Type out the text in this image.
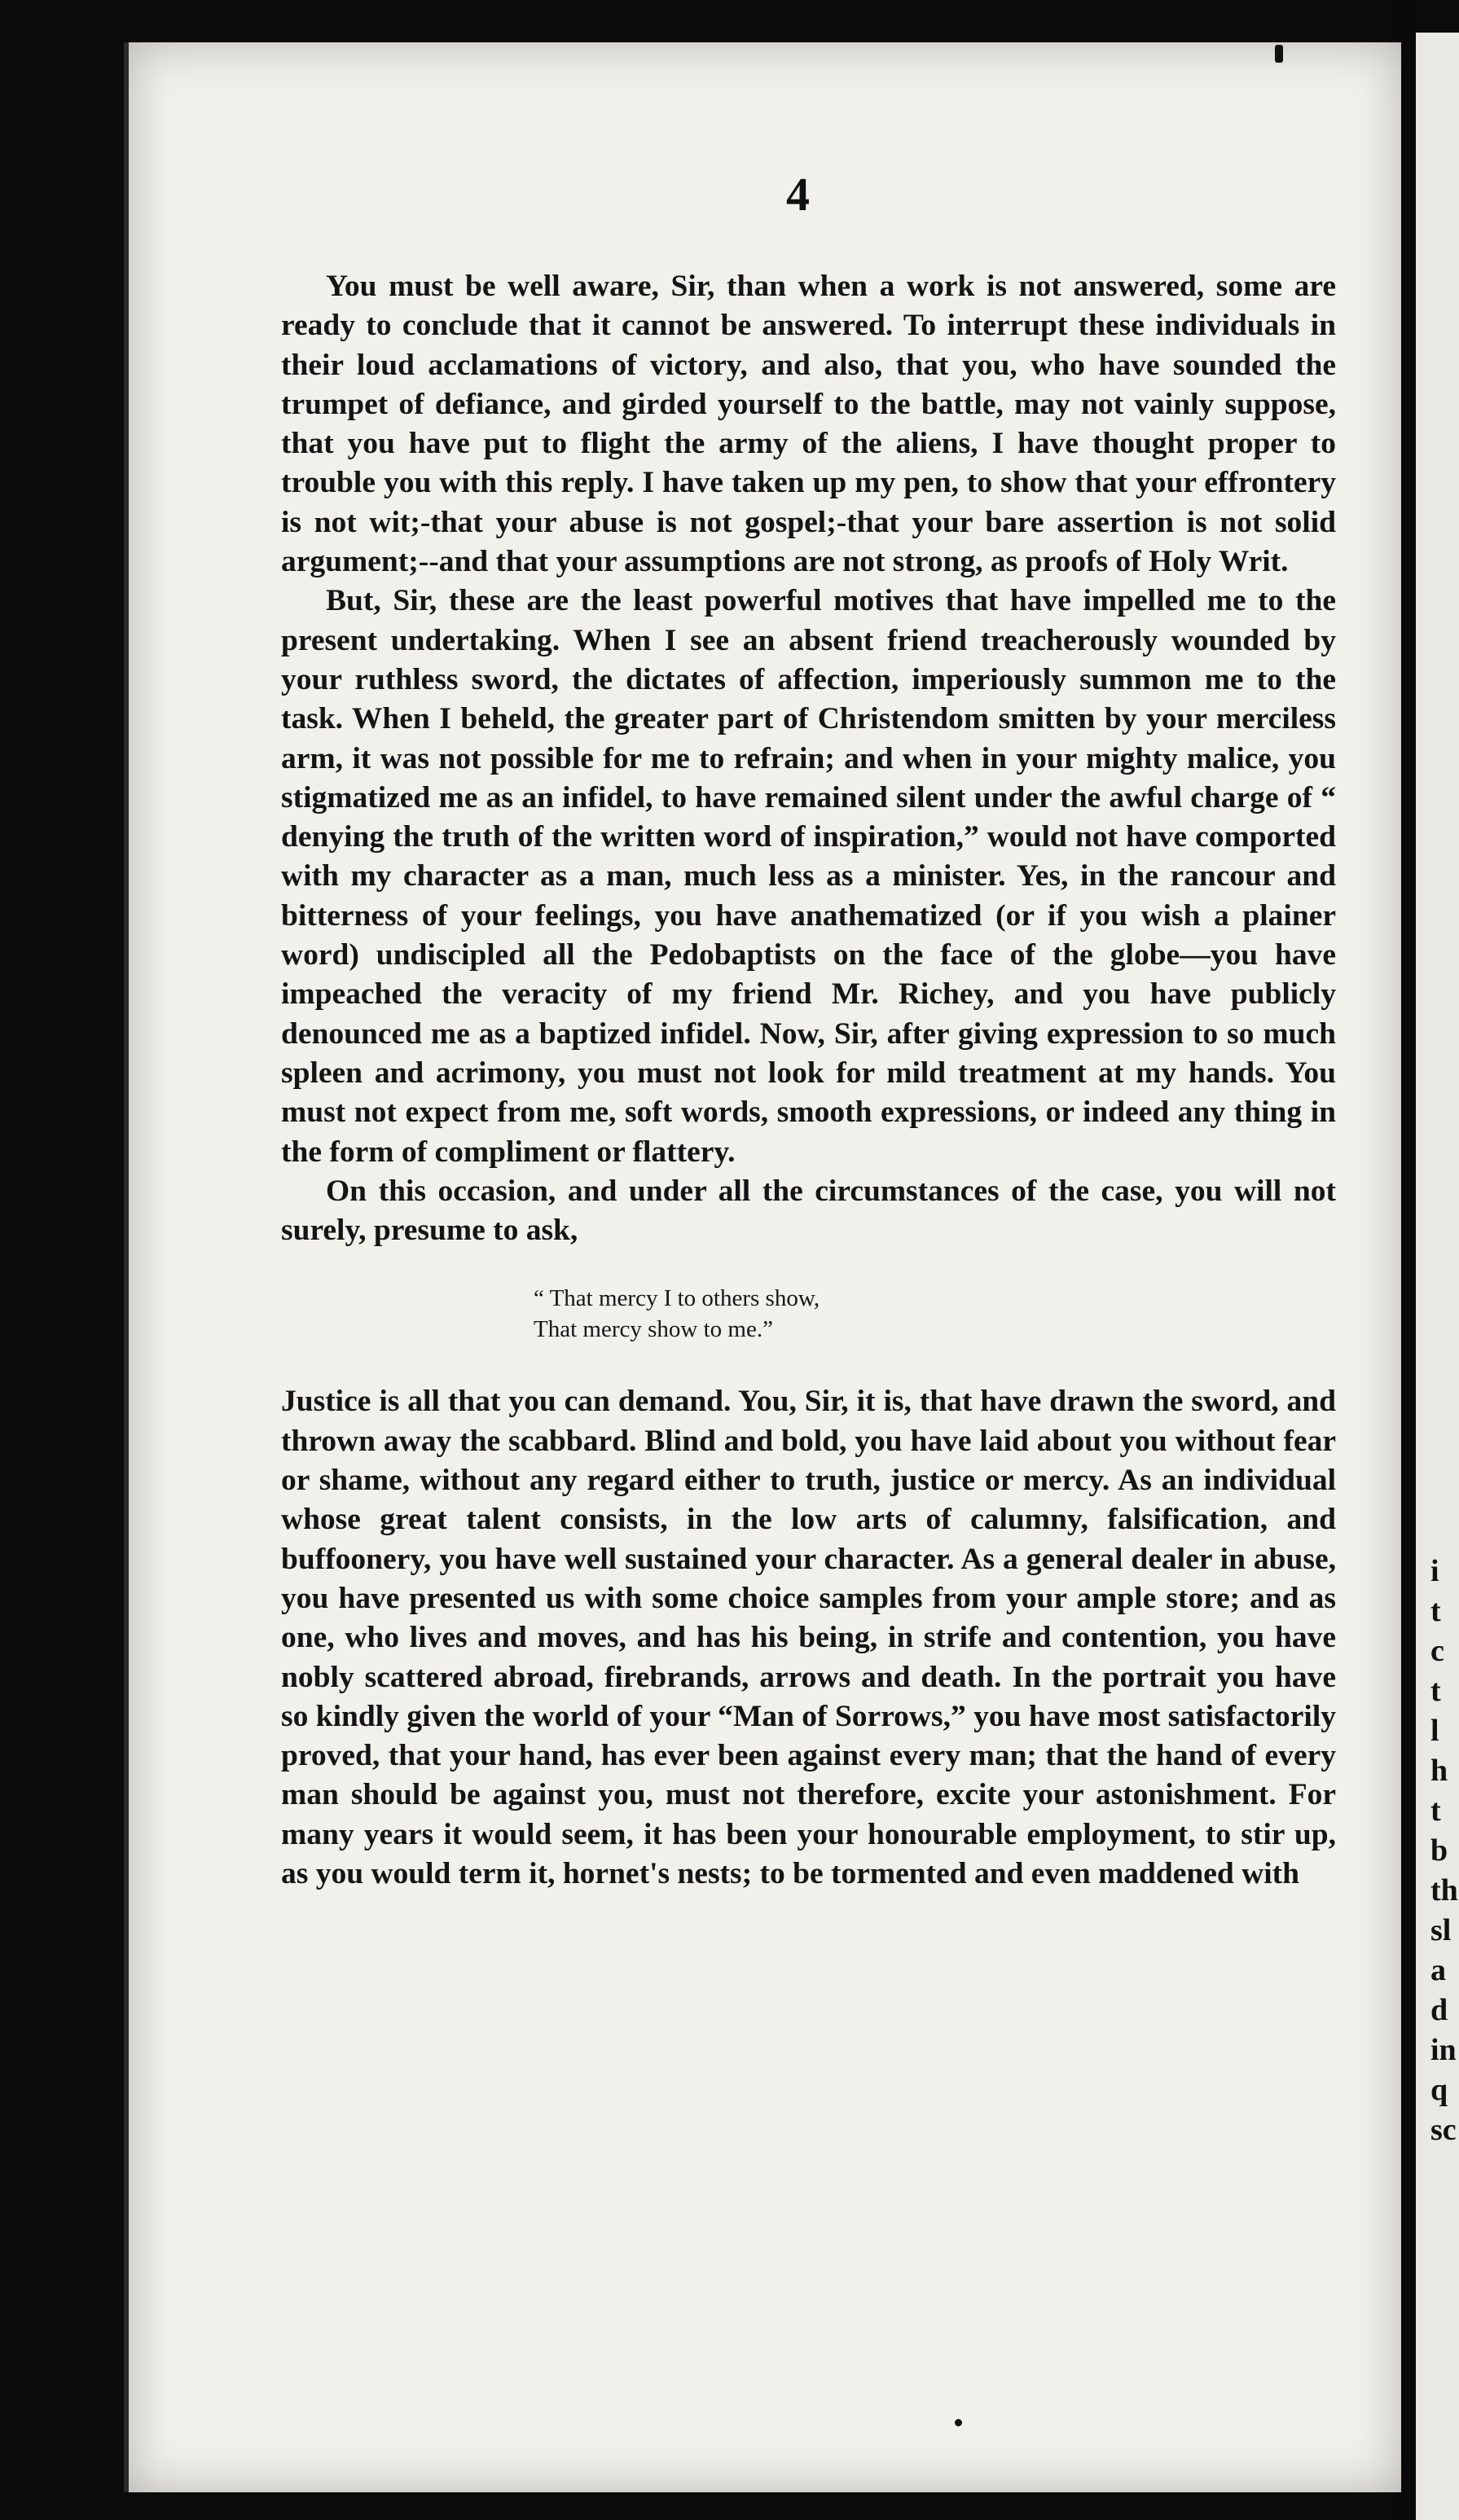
i
t
c
t
l
h
t
b
th
sl
a
d
in
q
sc
4

You must be well aware, Sir, than when a work is not answered, some are ready to conclude that it cannot be answered. To interrupt these individuals in their loud acclamations of victory, and also, that you, who have sounded the trumpet of defiance, and girded yourself to the battle, may not vainly suppose, that you have put to flight the army of the aliens, I have thought proper to trouble you with this reply. I have taken up my pen, to show that your effrontery is not wit;-that your abuse is not gospel;-that your bare assertion is not solid argument;--and that your assumptions are not strong, as proofs of Holy Writ.

But, Sir, these are the least powerful motives that have impelled me to the present undertaking. When I see an absent friend treacherously wounded by your ruthless sword, the dictates of affection, imperiously summon me to the task. When I beheld, the greater part of Christendom smitten by your merciless arm, it was not possible for me to refrain; and when in your mighty malice, you stigmatized me as an infidel, to have remained silent under the awful charge of “ denying the truth of the written word of inspiration,” would not have comported with my character as a man, much less as a minister. Yes, in the rancour and bitterness of your feelings, you have anathematized (or if you wish a plainer word) undiscipled all the Pedobaptists on the face of the globe—you have impeached the veracity of my friend Mr. Richey, and you have publicly denounced me as a baptized infidel. Now, Sir, after giving expression to so much spleen and acrimony, you must not look for mild treatment at my hands. You must not expect from me, soft words, smooth expressions, or indeed any thing in the form of compliment or flattery.

On this occasion, and under all the circumstances of the case, you will not surely, presume to ask,

“ That mercy I to others show,
That mercy show to me.”

Justice is all that you can demand. You, Sir, it is, that have drawn the sword, and thrown away the scabbard. Blind and bold, you have laid about you without fear or shame, without any regard either to truth, justice or mercy. As an individual whose great talent consists, in the low arts of calumny, falsification, and buffoonery, you have well sustained your character. As a general dealer in abuse, you have presented us with some choice samples from your ample store; and as one, who lives and moves, and has his being, in strife and contention, you have nobly scattered abroad, firebrands, arrows and death. In the portrait you have so kindly given the world of your “Man of Sorrows,” you have most satisfactorily proved, that your hand, has ever been against every man; that the hand of every man should be against you, must not therefore, excite your astonishment. For many years it would seem, it has been your honourable employment, to stir up, as you would term it, hornet's nests; to be tormented and even maddened with
